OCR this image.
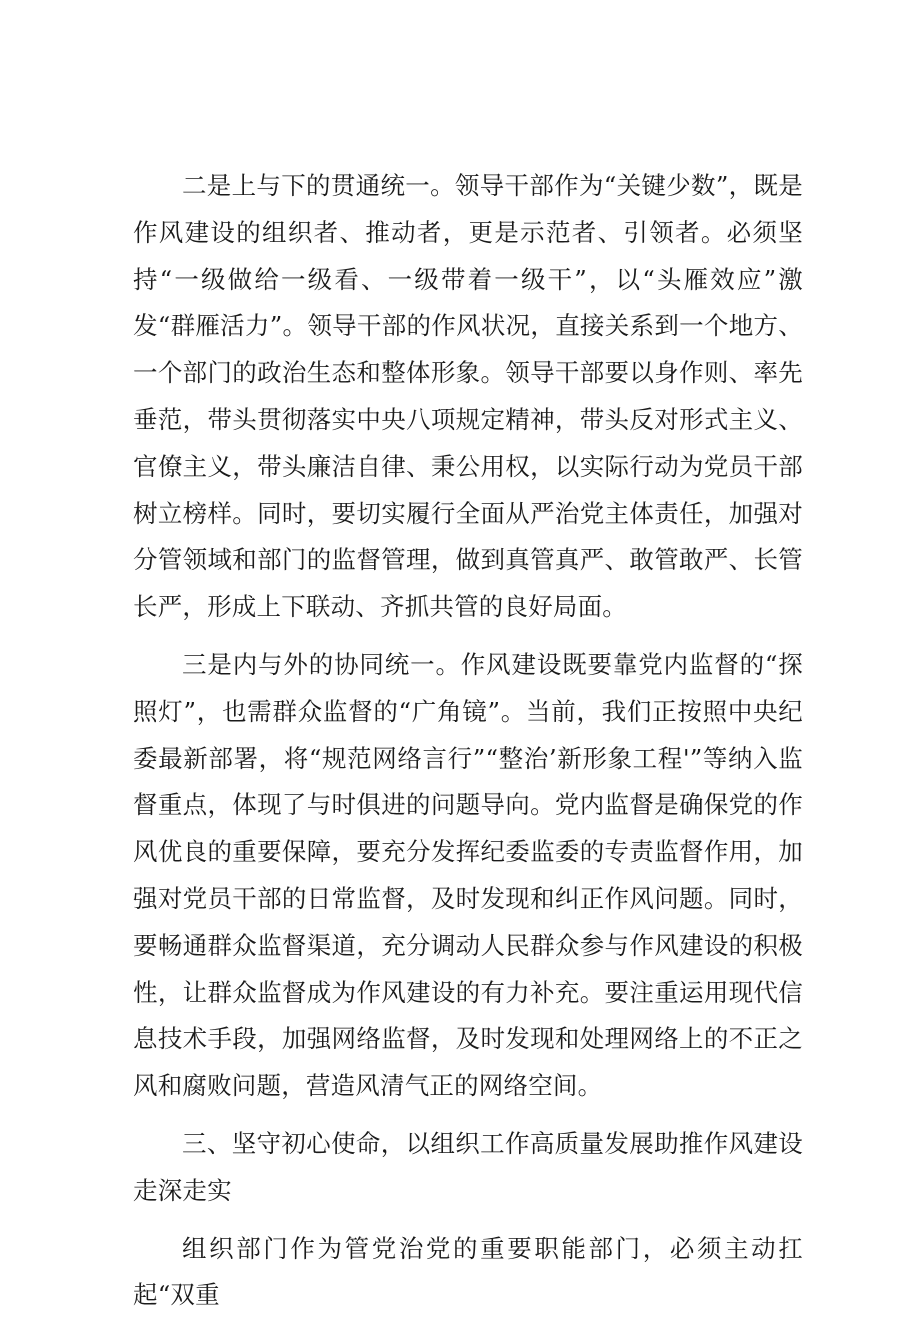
二是上与下的贯通统一。领导干部作为“关键少数”，既是作风建设的组织者、推动者，更是示范者、引领者。必须坚持“一级做给一级看、一级带着一级干”，以“头雁效应”激发“群雁活力”。领导干部的作风状况，直接关系到一个地方、一个部门的政治生态和整体形象。领导干部要以身作则、率先垂范，带头贯彻落实中央八项规定精神，带头反对形式主义、官僚主义，带头廉洁自律、秉公用权，以实际行动为党员干部树立榜样。同时，要切实履行全面从严治党主体责任，加强对分管领域和部门的监督管理，做到真管真严、敢管敢严、长管长严，形成上下联动、齐抓共管的良好局面。

三是内与外的协同统一。作风建设既要靠党内监督的“探照灯”，也需群众监督的“广角镜”。当前，我们正按照中央纪委最新部署，将“规范网络言行”“整治’新形象工程'”等纳入监督重点，体现了与时俱进的问题导向。党内监督是确保党的作风优良的重要保障，要充分发挥纪委监委的专责监督作用，加强对党员干部的日常监督，及时发现和纠正作风问题。同时，要畅通群众监督渠道，充分调动人民群众参与作风建设的积极性，让群众监督成为作风建设的有力补充。要注重运用现代信息技术手段，加强网络监督，及时发现和处理网络上的不正之风和腐败问题，营造风清气正的网络空间。

三、坚守初心使命，以组织工作高质量发展助推作风建设走深走实

组织部门作为管党治党的重要职能部门，必须主动扛起“双重
